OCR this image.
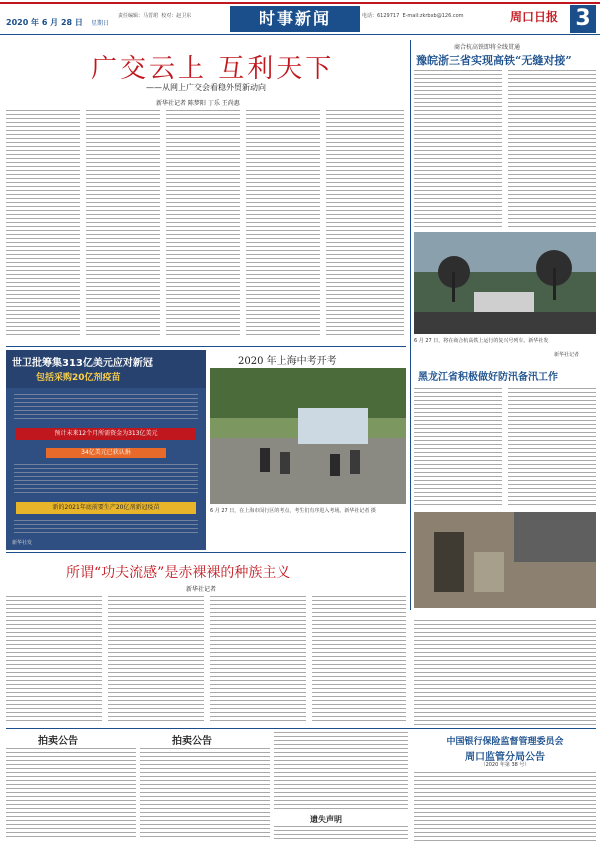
2020 年 6 月 28 日 星期日
责任编辑：马晋珺 校对：赵卫东	时事新闻	电话：6129717 E-mail:zkrbxb@126.com	周口日报 3
广交云上 互利天下
——从网上广交会看稳外贸新动向
新华社记者 陈梦阳 丁乐 王尚惠
商合杭高铁即将全线贯通
豫皖浙三省实现高铁“无缝对接”
6 月 27 日，将在商合杭高铁上运行的复兴号列车。新华社发
新华社记者
世卫批筹集313亿美元应对新冠
包括采购20亿剂疫苗
预计未来12个月所需资金为313亿美元
34亿美元已获认捐
新的2021年底前要生产20亿剂新冠疫苗
新华社发
2020 年上海中考开考
6 月 27 日，在上海市闵行区的考点，考生们有序进入考场。新华社记者 摄
黑龙江省积极做好防汛备汛工作
所谓“功夫流感”是赤裸裸的种族主义
新华社记者
拍卖公告	拍卖公告
遗失声明
中国银行保险监督管理委员会
周口监管分局公告
（2020 年第 38 号）
